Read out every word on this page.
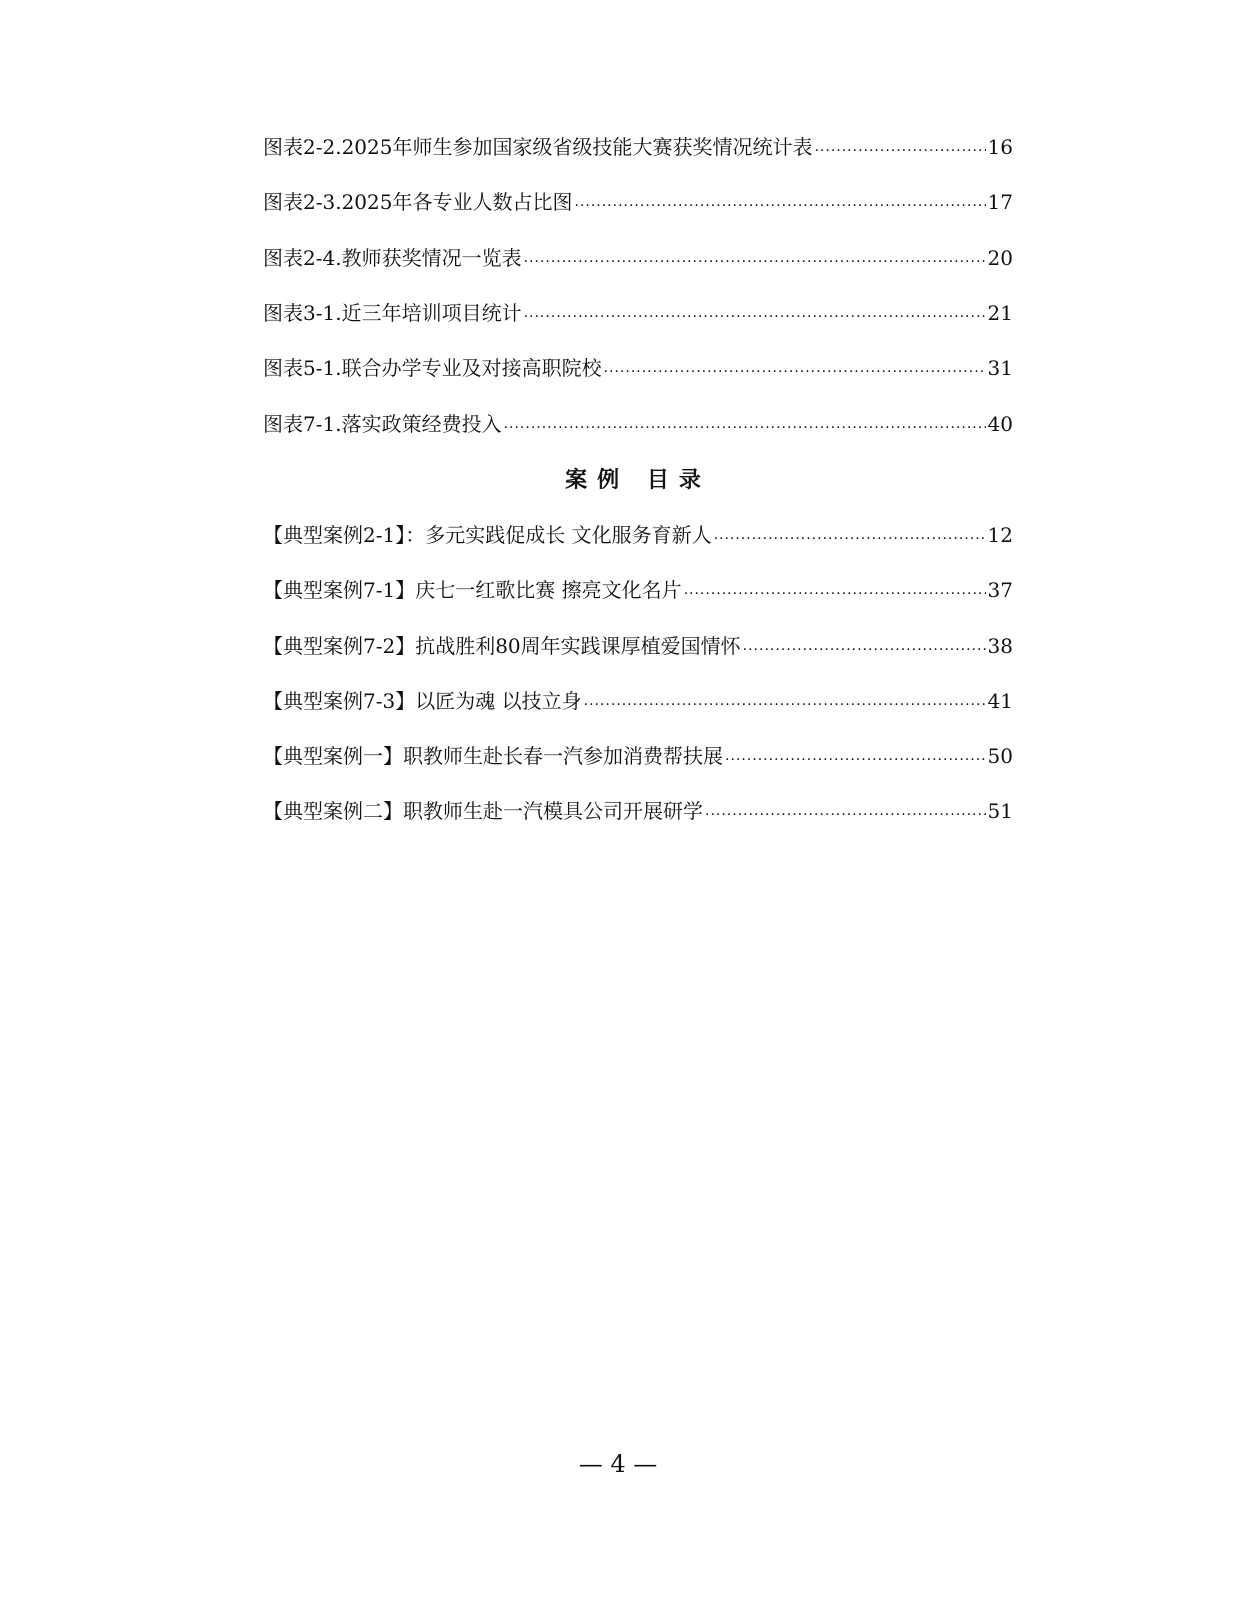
图表2-2.2025年师生参加国家级省级技能大赛获奖情况统计表 .....	16
图表2-3.2025年各专业人数占比图 .....	17
图表2-4.教师获奖情况一览表 .....	20
图表3-1.近三年培训项目统计 .....	21
图表5-1.联合办学专业及对接高职院校 .....	31
图表7-1.落实政策经费投入 .....	40
案例 目录
【典型案例2-1】：多元实践促成长 文化服务育新人 .....	12
【典型案例7-1】庆七一红歌比赛 擦亮文化名片 .....	37
【典型案例7-2】抗战胜利80周年实践课厚植爱国情怀 .....	38
【典型案例7-3】以匠为魂 以技立身 .....	41
【典型案例一】职教师生赴长春一汽参加消费帮扶展 .....	50
【典型案例二】职教师生赴一汽模具公司开展研学 .....	51
— 4 —
